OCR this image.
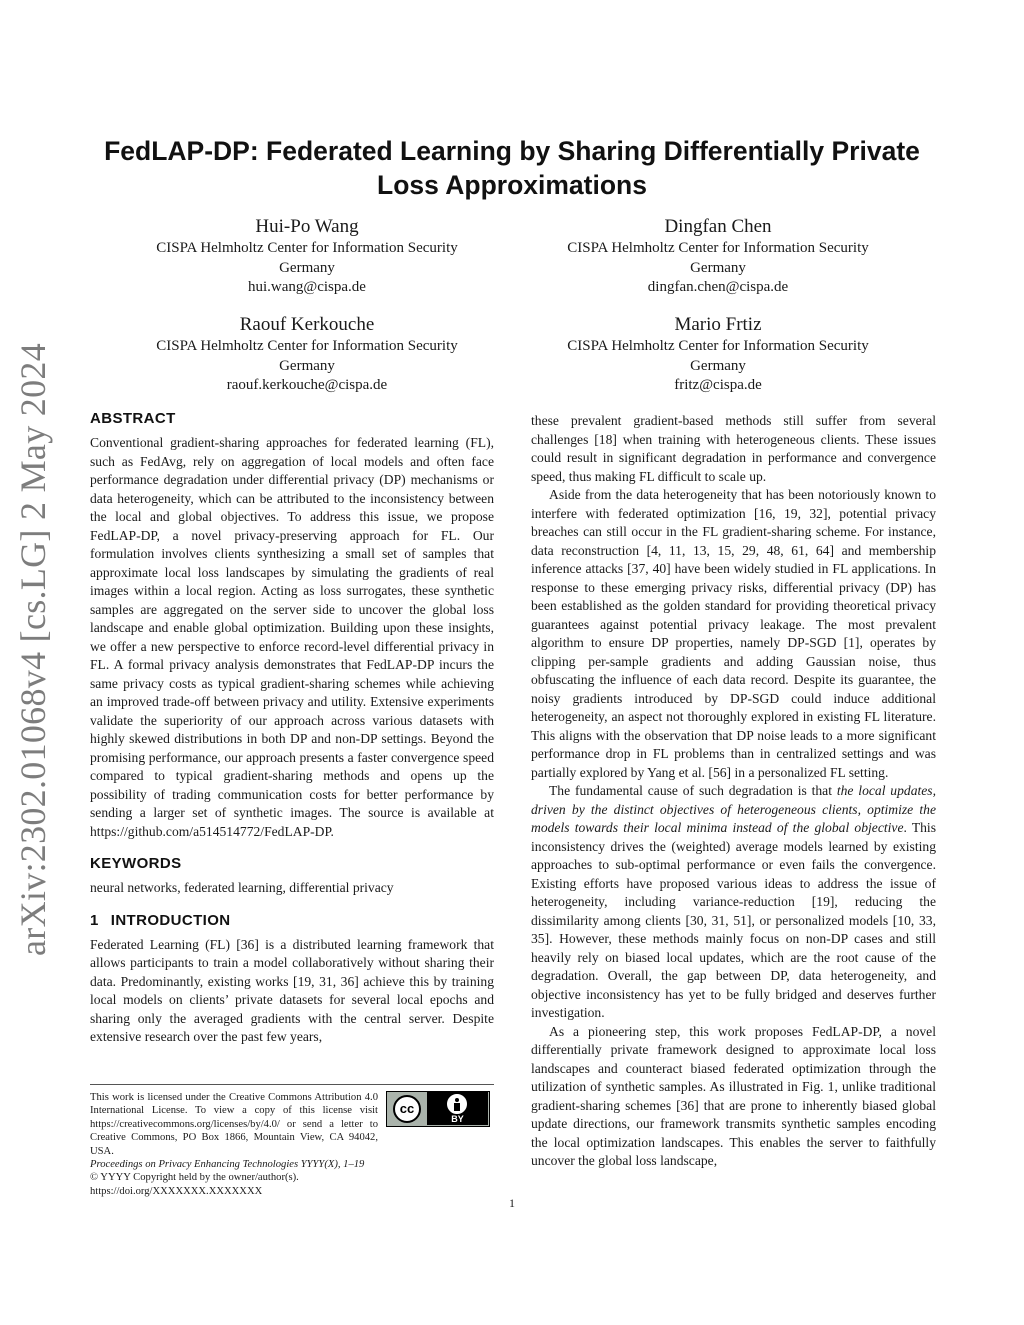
arXiv:2302.01068v4 [cs.LG] 2 May 2024
FedLAP-DP: Federated Learning by Sharing Differentially Private
Loss Approximations
Hui-Po Wang
CISPA Helmholtz Center for Information Security
Germany
hui.wang@cispa.de
Dingfan Chen
CISPA Helmholtz Center for Information Security
Germany
dingfan.chen@cispa.de
Raouf Kerkouche
CISPA Helmholtz Center for Information Security
Germany
raouf.kerkouche@cispa.de
Mario Frtiz
CISPA Helmholtz Center for Information Security
Germany
fritz@cispa.de
ABSTRACT

Conventional gradient-sharing approaches for federated learning (FL), such as FedAvg, rely on aggregation of local models and often face performance degradation under differential privacy (DP) mechanisms or data heterogeneity, which can be attributed to the inconsistency between the local and global objectives. To address this issue, we propose FedLAP-DP, a novel privacy-preserving approach for FL. Our formulation involves clients synthesizing a small set of samples that approximate local loss landscapes by simulating the gradients of real images within a local region. Acting as loss surrogates, these synthetic samples are aggregated on the server side to uncover the global loss landscape and enable global optimization. Building upon these insights, we offer a new perspective to enforce record-level differential privacy in FL. A formal privacy analysis demonstrates that FedLAP-DP incurs the same privacy costs as typical gradient-sharing schemes while achieving an improved trade-off between privacy and utility. Extensive experiments validate the superiority of our approach across various datasets with highly skewed distributions in both DP and non-DP settings. Beyond the promising performance, our approach presents a faster convergence speed compared to typical gradient-sharing methods and opens up the possibility of trading communication costs for better performance by sending a larger set of synthetic images. The source is available at https://github.com/a514514772/FedLAP-DP.

KEYWORDS

neural networks, federated learning, differential privacy

1 INTRODUCTION

Federated Learning (FL) [36] is a distributed learning framework that allows participants to train a model collaboratively without sharing their data. Predominantly, existing works [19, 31, 36] achieve this by training local models on clients’ private datasets for several local epochs and sharing only the averaged gradients with the central server. Despite extensive research over the past few years,

these prevalent gradient-based methods still suffer from several challenges [18] when training with heterogeneous clients. These issues could result in significant degradation in performance and convergence speed, thus making FL difficult to scale up.

Aside from the data heterogeneity that has been notoriously known to interfere with federated optimization [16, 19, 32], potential privacy breaches can still occur in the FL gradient-sharing scheme. For instance, data reconstruction [4, 11, 13, 15, 29, 48, 61, 64] and membership inference attacks [37, 40] have been widely studied in FL applications. In response to these emerging privacy risks, differential privacy (DP) has been established as the golden standard for providing theoretical privacy guarantees against potential privacy leakage. The most prevalent algorithm to ensure DP properties, namely DP-SGD [1], operates by clipping per-sample gradients and adding Gaussian noise, thus obfuscating the influence of each data record. Despite its guarantee, the noisy gradients introduced by DP-SGD could induce additional heterogeneity, an aspect not thoroughly explored in existing FL literature. This aligns with the observation that DP noise leads to a more significant performance drop in FL problems than in centralized settings and was partially explored by Yang et al. [56] in a personalized FL setting.

The fundamental cause of such degradation is that the local updates, driven by the distinct objectives of heterogeneous clients, optimize the models towards their local minima instead of the global objective. This inconsistency drives the (weighted) average models learned by existing approaches to sub-optimal performance or even fails the convergence. Existing efforts have proposed various ideas to address the issue of heterogeneity, including variance-reduction [19], reducing the dissimilarity among clients [30, 31, 51], or personalized models [10, 33, 35]. However, these methods mainly focus on non-DP cases and still heavily rely on biased local updates, which are the root cause of the degradation. Overall, the gap between DP, data heterogeneity, and objective inconsistency has yet to be fully bridged and deserves further investigation.

As a pioneering step, this work proposes FedLAP-DP, a novel differentially private framework designed to approximate local loss landscapes and counteract biased federated optimization through the utilization of synthetic samples. As illustrated in Fig. 1, unlike traditional gradient-sharing schemes [36] that are prone to inherently biased global update directions, our framework transmits synthetic samples encoding the local optimization landscapes. This enables the server to faithfully uncover the global loss landscape,

This work is licensed under the Creative Commons Attribution 4.0 International License. To view a copy of this license visit https://creativecommons.org/licenses/by/4.0/ or send a letter to Creative Commons, PO Box 1866, Mountain View, CA 94042, USA.
cc
BY

Proceedings on Privacy Enhancing Technologies YYYY(X), 1–19

© YYYY Copyright held by the owner/author(s).

https://doi.org/XXXXXXX.XXXXXXX

1
